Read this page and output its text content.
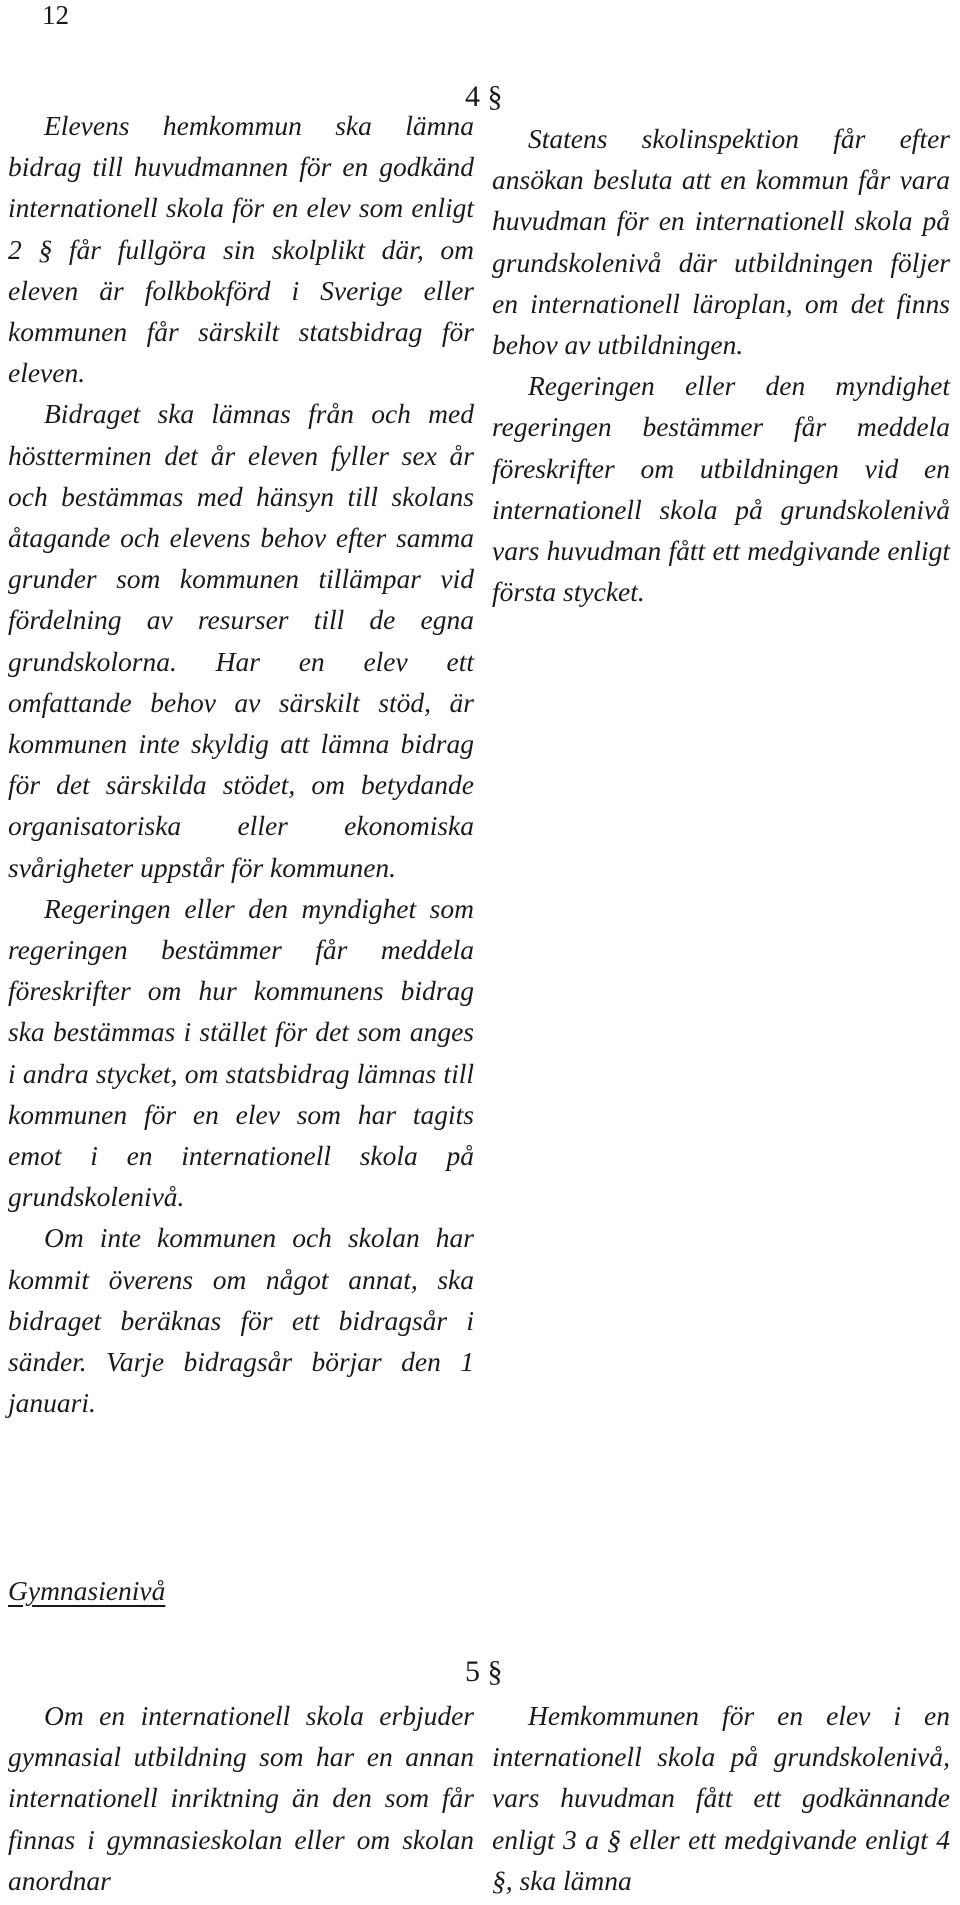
12
4 §

Elevens hemkommun ska lämna bidrag till huvudmannen för en godkänd internationell skola för en elev som enligt 2 § får fullgöra sin skolplikt där, om eleven är folkbokförd i Sverige eller kommunen får särskilt statsbidrag för eleven.

Bidraget ska lämnas från och med höstterminen det år eleven fyller sex år och bestämmas med hänsyn till skolans åtagande och elevens behov efter samma grunder som kommunen tillämpar vid fördelning av resurser till de egna grundskolorna. Har en elev ett omfattande behov av särskilt stöd, är kommunen inte skyldig att lämna bidrag för det särskilda stödet, om betydande organisatoriska eller ekonomiska svårigheter uppstår för kommunen.

Regeringen eller den myndighet som regeringen bestämmer får meddela föreskrifter om hur kommunens bidrag ska bestämmas i stället för det som anges i andra stycket, om statsbidrag lämnas till kommunen för en elev som har tagits emot i en internationell skola på grundskolenivå.

Om inte kommunen och skolan har kommit överens om något annat, ska bidraget beräknas för ett bidragsår i sänder. Varje bidragsår börjar den 1 januari.

Statens skolinspektion får efter ansökan besluta att en kommun får vara huvudman för en internationell skola på grundskolenivå där utbildningen följer en internationell läroplan, om det finns behov av utbildningen.

Regeringen eller den myndighet regeringen bestämmer får meddela föreskrifter om utbildningen vid en internationell skola på grundskolenivå vars huvudman fått ett medgivande enligt första stycket.

Gymnasienivå
5 §

Om en internationell skola erbjuder gymnasial utbildning som har en annan internationell inriktning än den som får finnas i gymnasieskolan eller om skolan anordnar

Hemkommunen för en elev i en internationell skola på grundskolenivå, vars huvudman fått ett godkännande enligt 3 a § eller ett medgivande enligt 4 §, ska lämna
